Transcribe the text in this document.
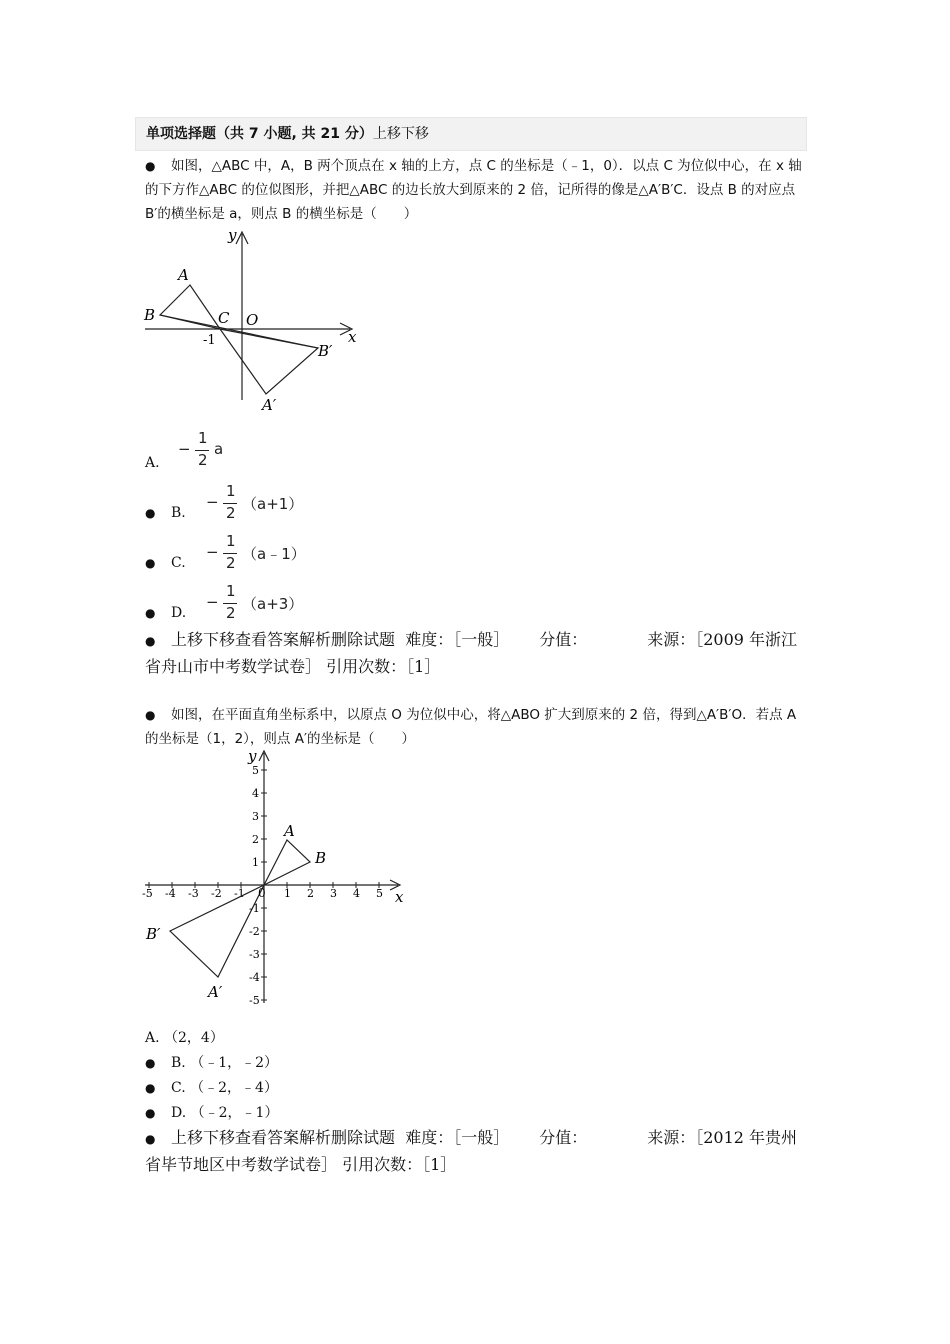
单项选择题（共 7 小题, 共 21 分）上移下移
● 如图，△ABC 中，A，B 两个顶点在 x 轴的上方，点 C 的坐标是（﹣1，0）．以点 C 为位似中心，在 x 轴的下方作△ABC 的位似图形，并把△ABC 的边长放大到原来的 2 倍，记所得的像是△A′B′C．设点 B 的对应点 B′的横坐标是 a，则点 B 的横坐标是（　　）
y
x
A
B	C O
-1
B′
A′
A.
−
1
2
a
● B.
−
1
2 （a+1）
● C.
−
1
2 （a﹣1）
● D.
−
1
2 （a+3）
● 上移下移查看答案解析删除试题 难度：［一般］ 分值：	来源：［2009 年浙江省舟山市中考数学试卷］ 引用次数：［1］
● 如图，在平面直角坐标系中，以原点 O 为位似中心，将△ABO 扩大到原来的 2 倍，得到△A′B′O．若点 A 的坐标是（1，2），则点 A′的坐标是（　　）
-5 -4 -3 -2 -1	1 2 3 4 5
5
4
3
2
1
-1
-2
-3
-4
-5
y
x
A
B
0
B′
A′
A. （2，4）
● B. （﹣1，﹣2）
● C. （﹣2，﹣4）
● D. （﹣2，﹣1）
● 上移下移查看答案解析删除试题 难度：［一般］ 分值：	来源：［2012 年贵州省毕节地区中考数学试卷］ 引用次数：［1］
